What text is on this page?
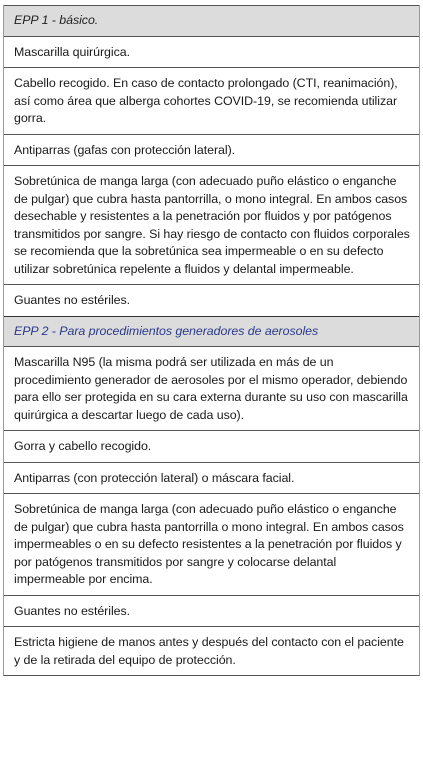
EPP 1 - básico.
Mascarilla quirúrgica.
Cabello recogido. En caso de contacto prolongado (CTI, reanimación), así como área que alberga cohortes COVID-19, se recomienda utilizar gorra.
Antiparras (gafas con protección lateral).
Sobretúnica de manga larga (con adecuado puño elástico o enganche de pulgar) que cubra hasta pantorrilla, o mono integral. En ambos casos desechable y resistentes a la penetración por fluidos y por patógenos transmitidos por sangre. Si hay riesgo de contacto con fluidos corporales se recomienda que la sobretúnica sea impermeable o en su defecto utilizar sobretúnica repelente a fluidos y delantal impermeable.
Guantes no estériles.
EPP 2 - Para procedimientos generadores de aerosoles
Mascarilla N95 (la misma podrá ser utilizada en más de un procedimiento generador de aerosoles por el mismo operador, debiendo para ello ser protegida en su cara externa durante su uso con mascarilla quirúrgica a descartar luego de cada uso).
Gorra y cabello recogido.
Antiparras (con protección lateral) o máscara facial.
Sobretúnica de manga larga (con adecuado puño elástico o enganche de pulgar) que cubra hasta pantorrilla o mono integral. En ambos casos impermeables o en su defecto resistentes a la penetración por fluidos y por patógenos transmitidos por sangre y colocarse delantal impermeable por encima.
Guantes no estériles.
Estricta higiene de manos antes y después del contacto con el paciente y de la retirada del equipo de protección.
